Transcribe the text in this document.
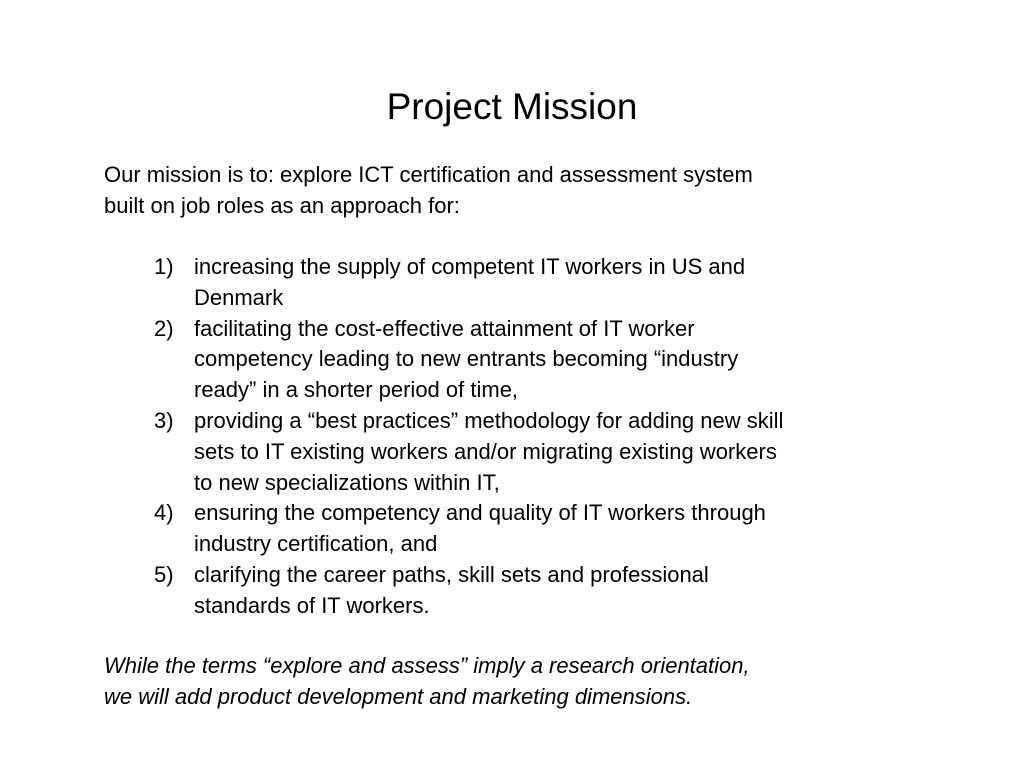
Project Mission

Our mission is to: explore ICT certification and assessment system
built on job roles as an approach for:

1) increasing the supply of competent IT workers in US and
Denmark
2) facilitating the cost-effective attainment of IT worker
competency leading to new entrants becoming “industry
ready” in a shorter period of time,
3) providing a “best practices” methodology for adding new skill
sets to IT existing workers and/or migrating existing workers
to new specializations within IT,
4) ensuring the competency and quality of IT workers through
industry certification, and
5) clarifying the career paths, skill sets and professional
standards of IT workers.

While the terms “explore and assess” imply a research orientation,
we will add product development and marketing dimensions.
